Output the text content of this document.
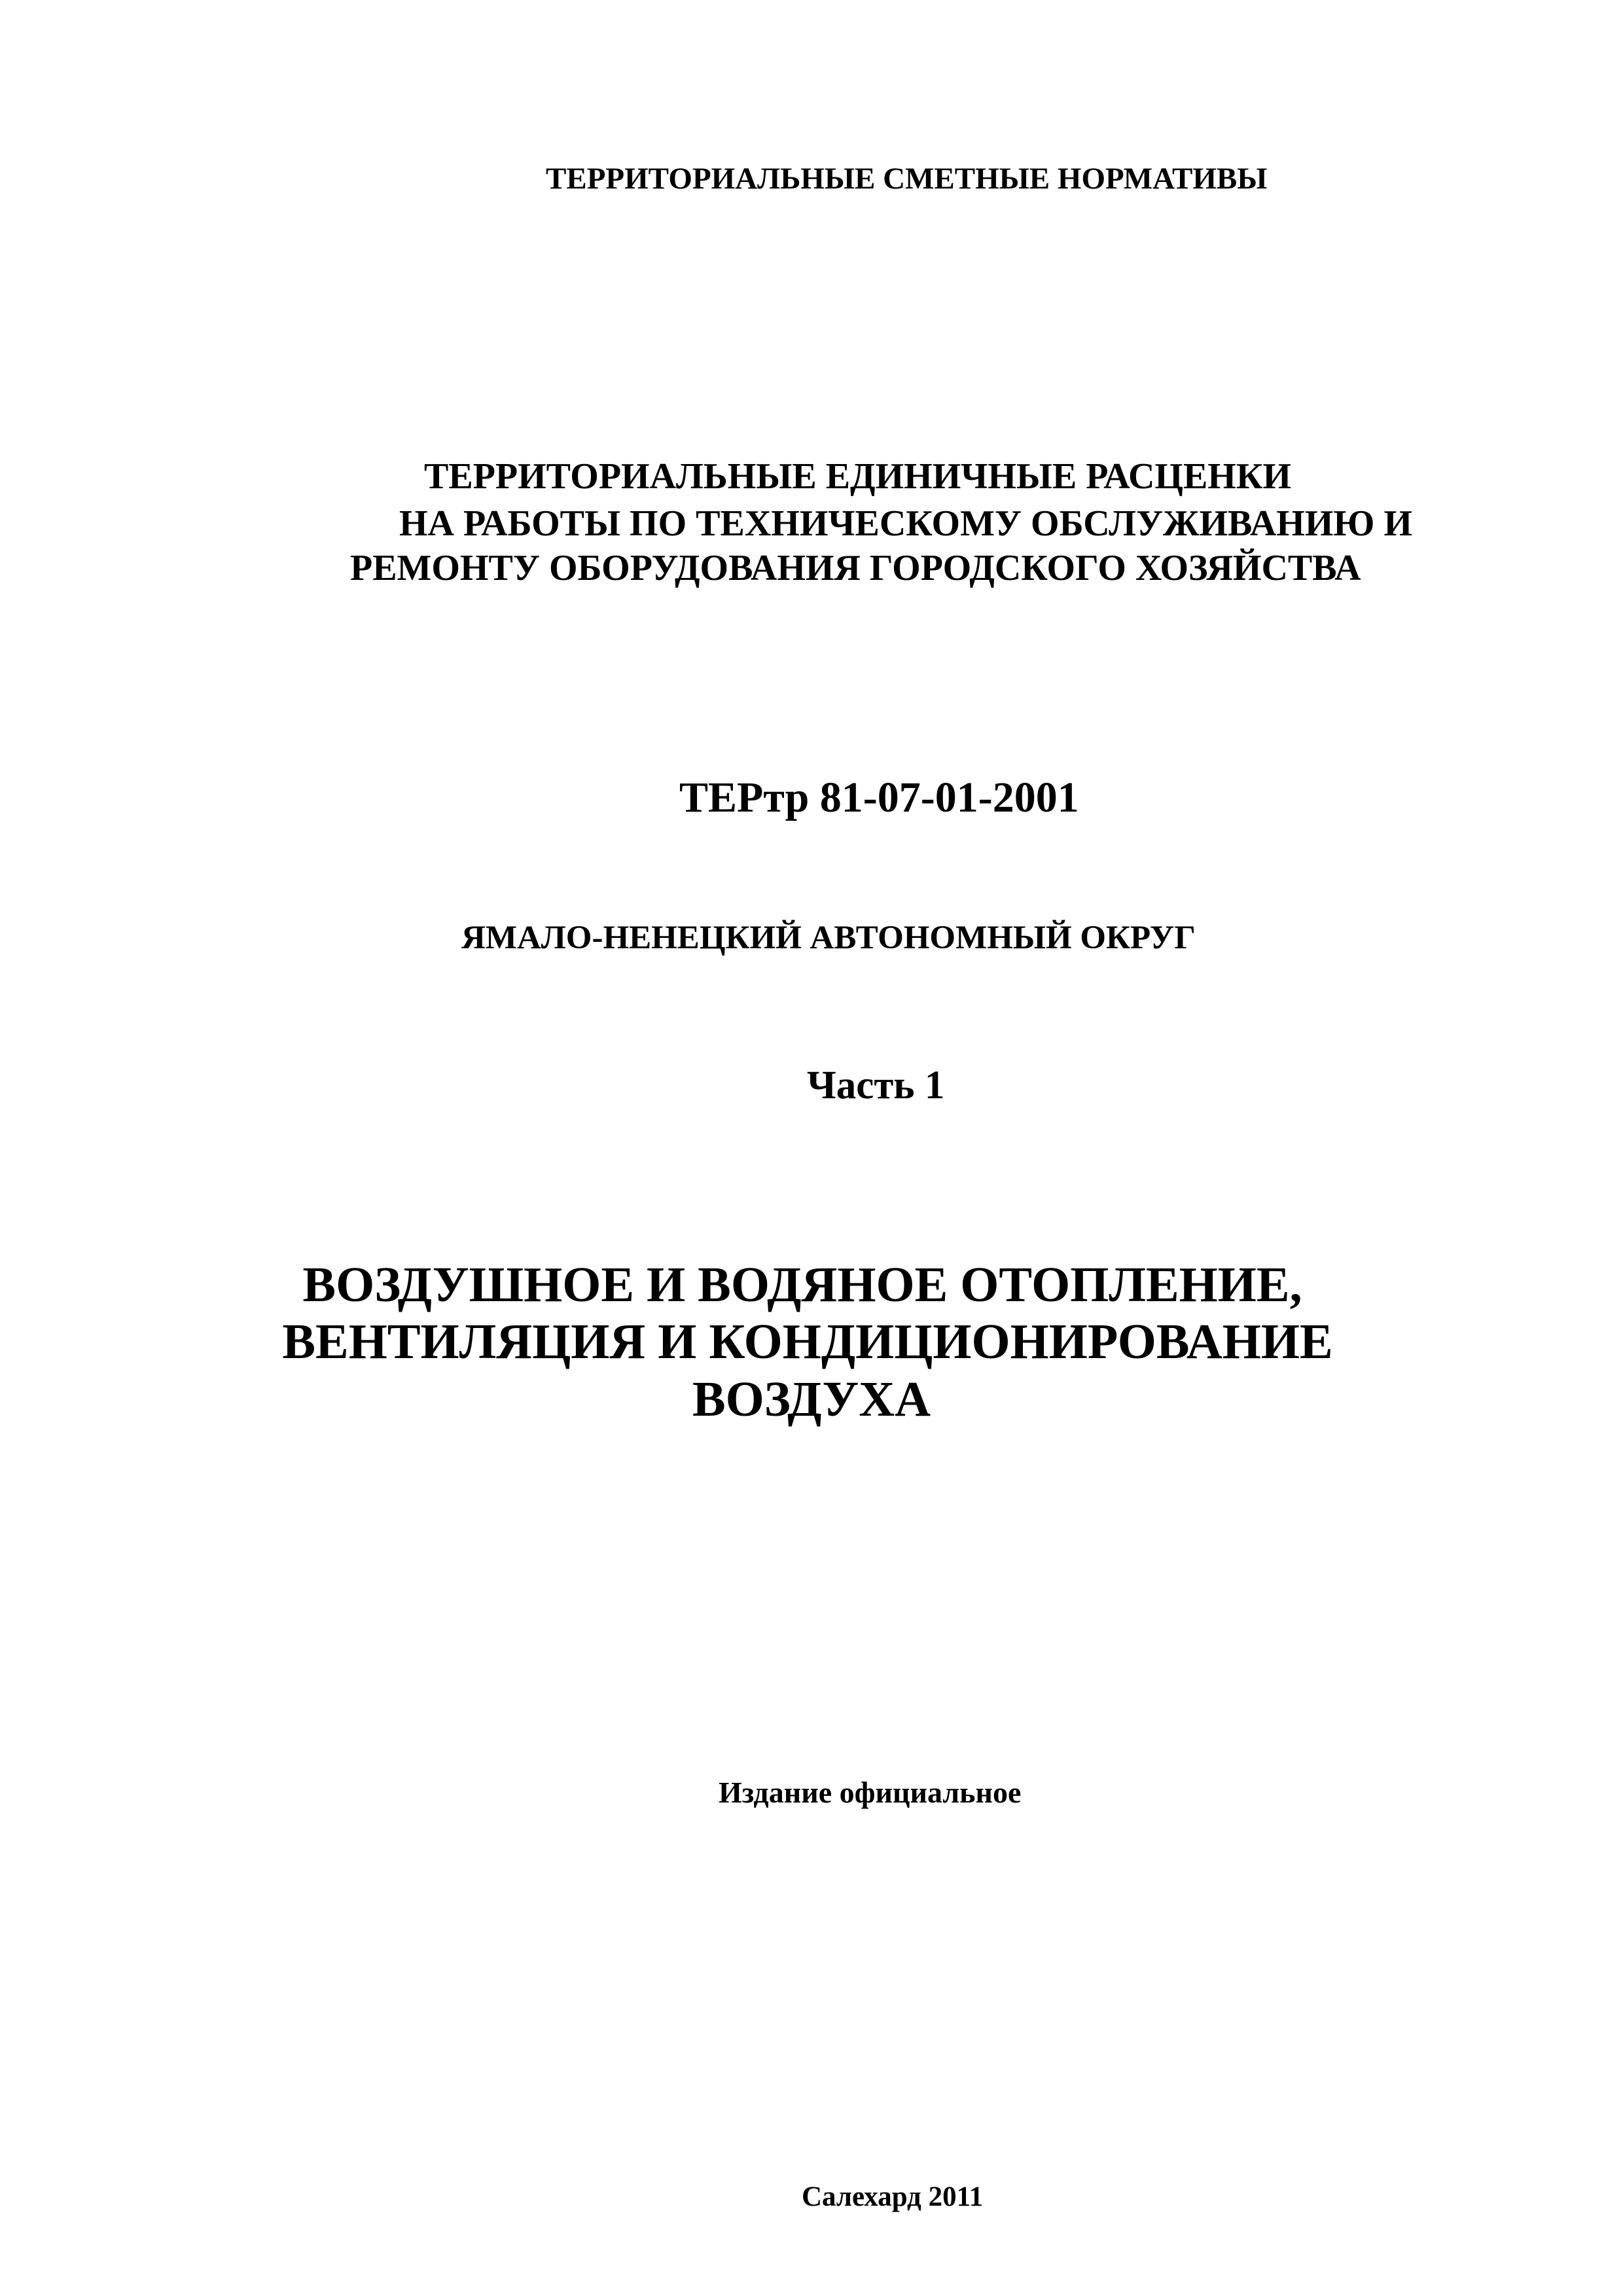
ТЕРРИТОРИАЛЬНЫЕ СМЕТНЫЕ НОРМАТИВЫ
ТЕРРИТОРИАЛЬНЫЕ ЕДИНИЧНЫЕ РАСЦЕНКИ
НА РАБОТЫ ПО ТЕХНИЧЕСКОМУ ОБСЛУЖИВАНИЮ И
РЕМОНТУ ОБОРУДОВАНИЯ ГОРОДСКОГО ХОЗЯЙСТВА
ТЕРтр 81-07-01-2001
ЯМАЛО-НЕНЕЦКИЙ АВТОНОМНЫЙ ОКРУГ
Часть 1
ВОЗДУШНОЕ И ВОДЯНОЕ ОТОПЛЕНИЕ,
ВЕНТИЛЯЦИЯ И КОНДИЦИОНИРОВАНИЕ
ВОЗДУХА
Издание официальное
Салехард 2011
